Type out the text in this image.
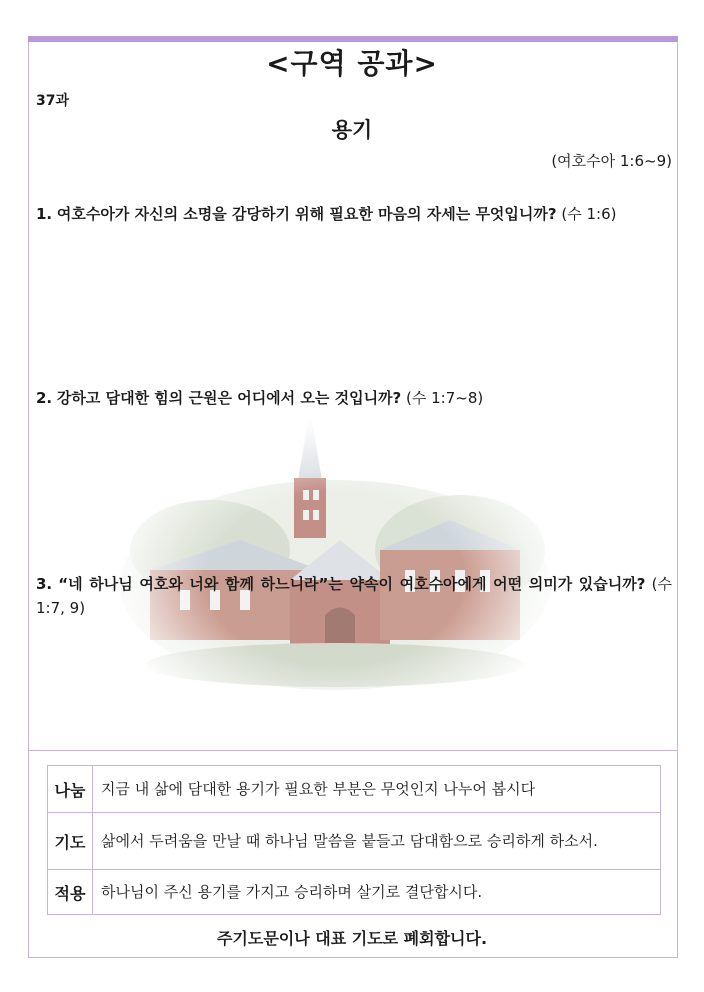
<구역 공과>
37과
용기
(여호수아 1:6~9)
1. 여호수아가 자신의 소명을 감당하기 위해 필요한 마음의 자세는 무엇입니까? (수 1:6)
2. 강하고 담대한 힘의 근원은 어디에서 오는 것입니까? (수 1:7~8)
3. “네 하나님 여호와 너와 함께 하느니라”는 약속이 여호수아에게 어떤 의미가 있습니까? (수 1:7, 9)
나눔	지금 내 삶에 담대한 용기가 필요한 부분은 무엇인지 나누어 봅시다
기도	삶에서 두려움을 만날 때 하나님 말씀을 붙들고 담대함으로 승리하게 하소서.
적용	하나님이 주신 용기를 가지고 승리하며 살기로 결단합시다.
주기도문이나 대표 기도로 폐회합니다.
